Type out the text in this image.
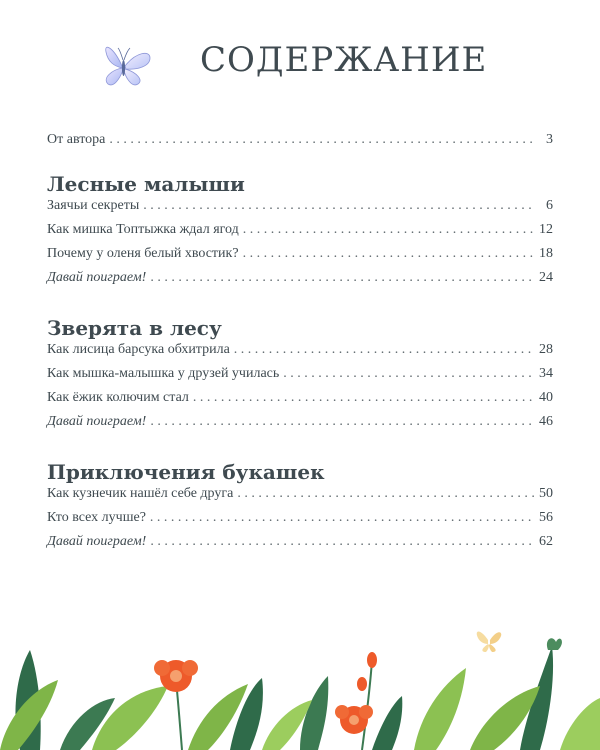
СОДЕРЖАНИЕ
От автора . . .	3
Лесные малыши
Заячьи секреты . . .	6
Как мишка Топтыжка ждал ягод . . .	12
Почему у оленя белый хвостик? . . .	18
Давай поиграем! . . .	24
Зверята в лесу
Как лисица барсука обхитрила . . .	28
Как мышка-малышка у друзей училась . . .	34
Как ёжик колючим стал . . .	40
Давай поиграем! . . .	46
Приключения букашек
Как кузнечик нашёл себе друга . . .	50
Кто всех лучше? . . .	56
Давай поиграем! . . .	62
